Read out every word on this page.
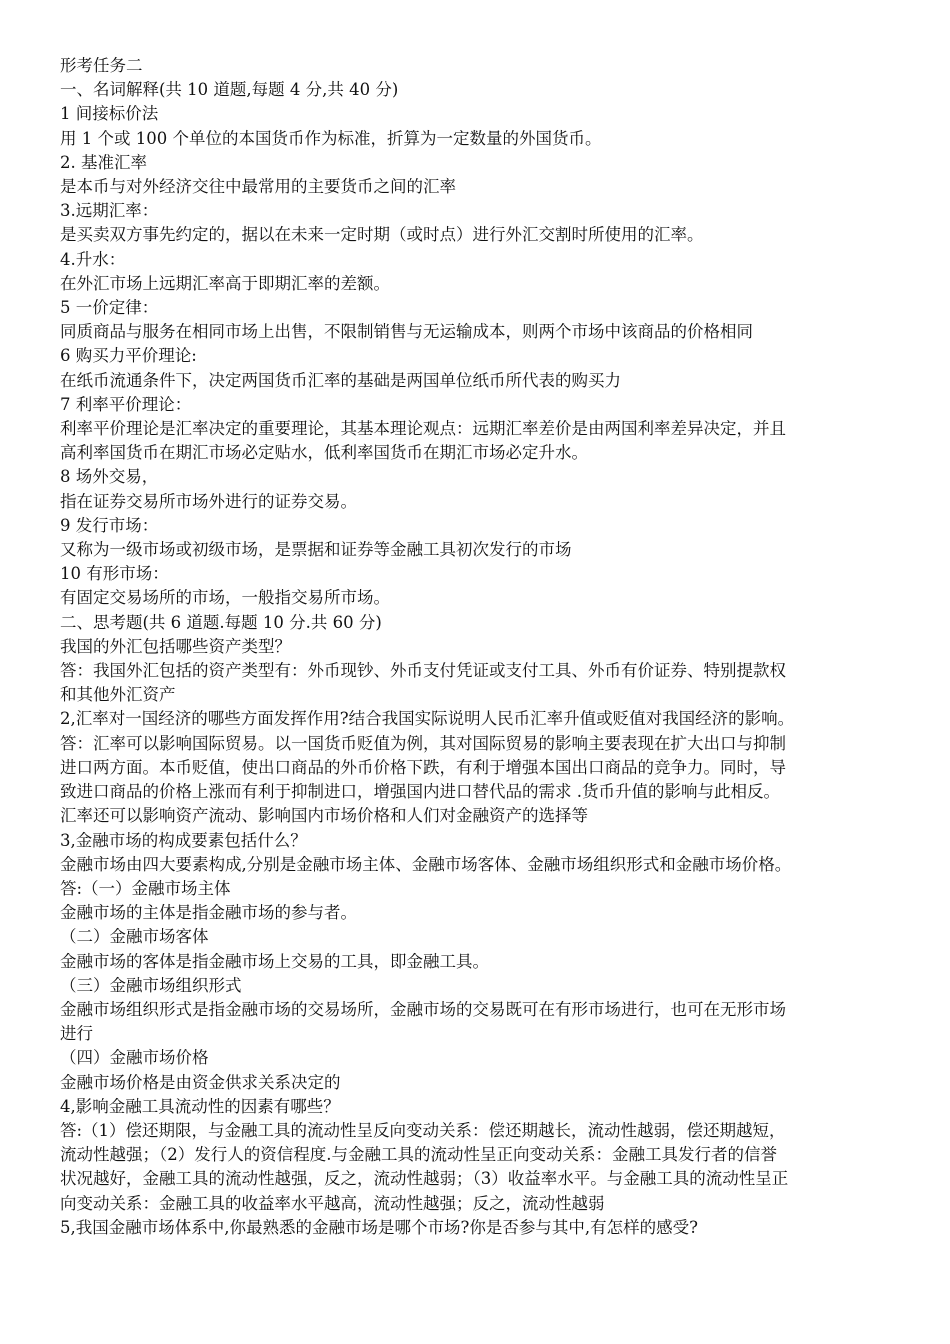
形考任务二
一、名词解释(共 10 道题,每题 4 分,共 40 分)
1 间接标价法
用 1 个或 100 个单位的本国货币作为标准，折算为一定数量的外国货币。
2. 基准汇率
是本币与对外经济交往中最常用的主要货币之间的汇率
3.远期汇率：
是买卖双方事先约定的，据以在未来一定时期（或时点）进行外汇交割时所使用的汇率。
4.升水：
在外汇市场上远期汇率高于即期汇率的差额。
5 一价定律：
同质商品与服务在相同市场上出售，不限制销售与无运输成本，则两个市场中该商品的价格相同
6 购买力平价理论:
在纸币流通条件下，决定两国货币汇率的基础是两国单位纸币所代表的购买力
7 利率平价理论：
利率平价理论是汇率决定的重要理论，其基本理论观点：远期汇率差价是由两国利率差异决定，并且
高利率国货币在期汇市场必定贴水，低利率国货币在期汇市场必定升水。
8 场外交易，
指在证券交易所市场外进行的证券交易。
9 发行市场：
又称为一级市场或初级市场，是票据和证券等金融工具初次发行的市场
10 有形市场：
有固定交易场所的市场，一般指交易所市场。
二、思考题(共 6 道题.每题 10 分.共 60 分)
我国的外汇包括哪些资产类型？
答：我国外汇包括的资产类型有：外币现钞、外币支付凭证或支付工具、外币有价证券、特别提款权
和其他外汇资产
2,汇率对一国经济的哪些方面发挥作用?结合我国实际说明人民币汇率升值或贬值对我国经济的影响。
答：汇率可以影响国际贸易。以一国货币贬值为例，其对国际贸易的影响主要表现在扩大出口与抑制
进口两方面。本币贬值，使出口商品的外币价格下跌，有利于增强本国出口商品的竞争力。同时，导
致进口商品的价格上涨而有利于抑制进口，增强国内进口替代品的需求 .货币升值的影响与此相反。
汇率还可以影响资产流动、影响国内市场价格和人们对金融资产的选择等
3,金融市场的构成要素包括什么？
金融市场由四大要素构成,分别是金融市场主体、金融市场客体、金融市场组织形式和金融市场价格。
答:（一）金融市场主体
金融市场的主体是指金融市场的参与者。
（二）金融市场客体
金融市场的客体是指金融市场上交易的工具，即金融工具。
（三）金融市场组织形式
金融市场组织形式是指金融市场的交易场所，金融市场的交易既可在有形市场进行，也可在无形市场
进行
（四）金融市场价格
金融市场价格是由资金供求关系决定的
4,影响金融工具流动性的因素有哪些？
答:（1）偿还期限，与金融工具的流动性呈反向变动关系：偿还期越长，流动性越弱，偿还期越短，
流动性越强；（2）发行人的资信程度.与金融工具的流动性呈正向变动关系：金融工具发行者的信誉
状况越好，金融工具的流动性越强，反之，流动性越弱；（3）收益率水平。与金融工具的流动性呈正
向变动关系：金融工具的收益率水平越高，流动性越强；反之，流动性越弱
5,我国金融市场体系中,你最熟悉的金融市场是哪个市场?你是否参与其中,有怎样的感受?
